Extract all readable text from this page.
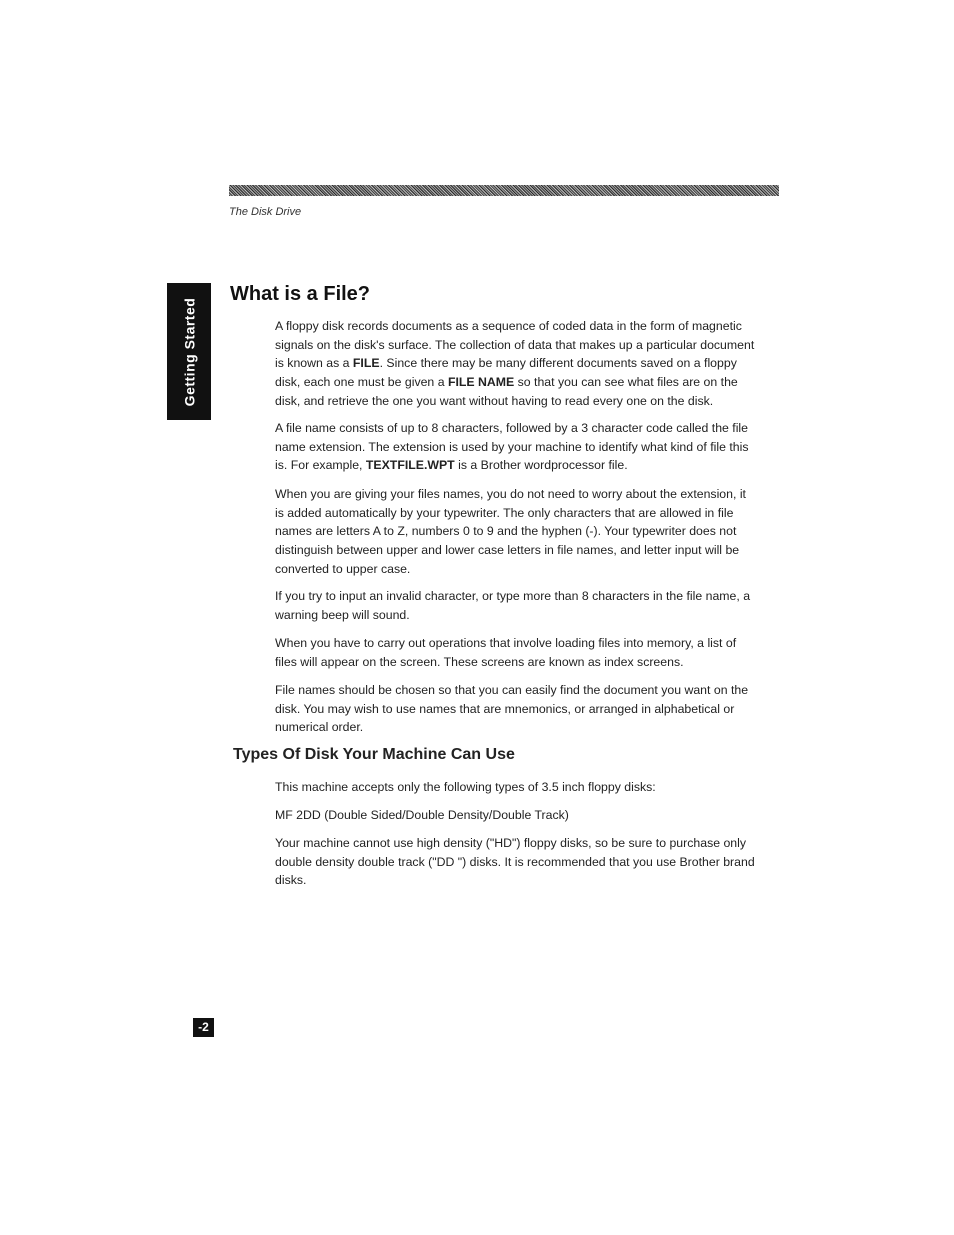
The Disk Drive
Getting Started
What is a File?

A floppy disk records documents as a sequence of coded data in the form of magnetic signals on the disk's surface. The collection of data that makes up a particular document is known as a FILE. Since there may be many different documents saved on a floppy disk, each one must be given a FILE NAME so that you can see what files are on the disk, and retrieve the one you want without having to read every one on the disk.

A file name consists of up to 8 characters, followed by a 3 character code called the file name extension. The extension is used by your machine to identify what kind of file this is. For example, TEXTFILE.WPT is a Brother wordprocessor file.

When you are giving your files names, you do not need to worry about the extension, it is added automatically by your typewriter. The only characters that are allowed in file names are letters A to Z, numbers 0 to 9 and the hyphen (-). Your typewriter does not distinguish between upper and lower case letters in file names, and letter input will be converted to upper case.

If you try to input an invalid character, or type more than 8 characters in the file name, a warning beep will sound.

When you have to carry out operations that involve loading files into memory, a list of files will appear on the screen. These screens are known as index screens.

File names should be chosen so that you can easily find the document you want on the disk. You may wish to use names that are mnemonics, or arranged in alphabetical or numerical order.

Types Of Disk Your Machine Can Use

This machine accepts only the following types of 3.5 inch floppy disks:

MF 2DD (Double Sided/Double Density/Double Track)

Your machine cannot use high density ("HD") floppy disks, so be sure to purchase only double density double track ("DD ") disks. It is recommended that you use Brother brand disks.

-2
